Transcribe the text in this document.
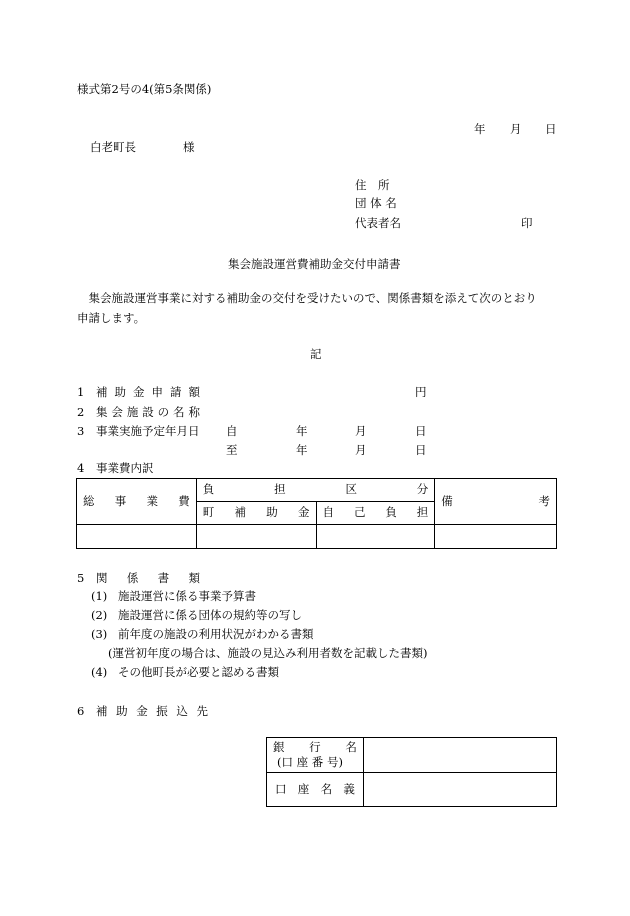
様式第2号の4(第5条関係)
年 月 日
白老町長	様
住　所
団 体 名
代表者名	印
集会施設運営費補助金交付申請書
　集会施設運営事業に対する補助金の交付を受けたいので、関係書類を添えて次のとおり
申請します。
記
1 補 助 金 申 請 額	円
2 集 会 施 設 の 名 称
3 事業実施予定年月日 自	年	月	日
至	年	月	日
4 事業費内訳
総 事 業 費	負 担 区 分		備 考

	町 補 助 金	自 己 負 担	

5 関 係 書 類
(1) 施設運営に係る事業予算書
(2) 施設運営に係る団体の規約等の写し
(3) 前年度の施設の利用状況がわかる書類
(運営初年度の場合は、施設の見込み利用者数を記載した書類)
(4) その他町長が必要と認める書類
6 補 助 金 振 込 先
銀 行 名
(口 座 番 号)	

口 座 名 義	
